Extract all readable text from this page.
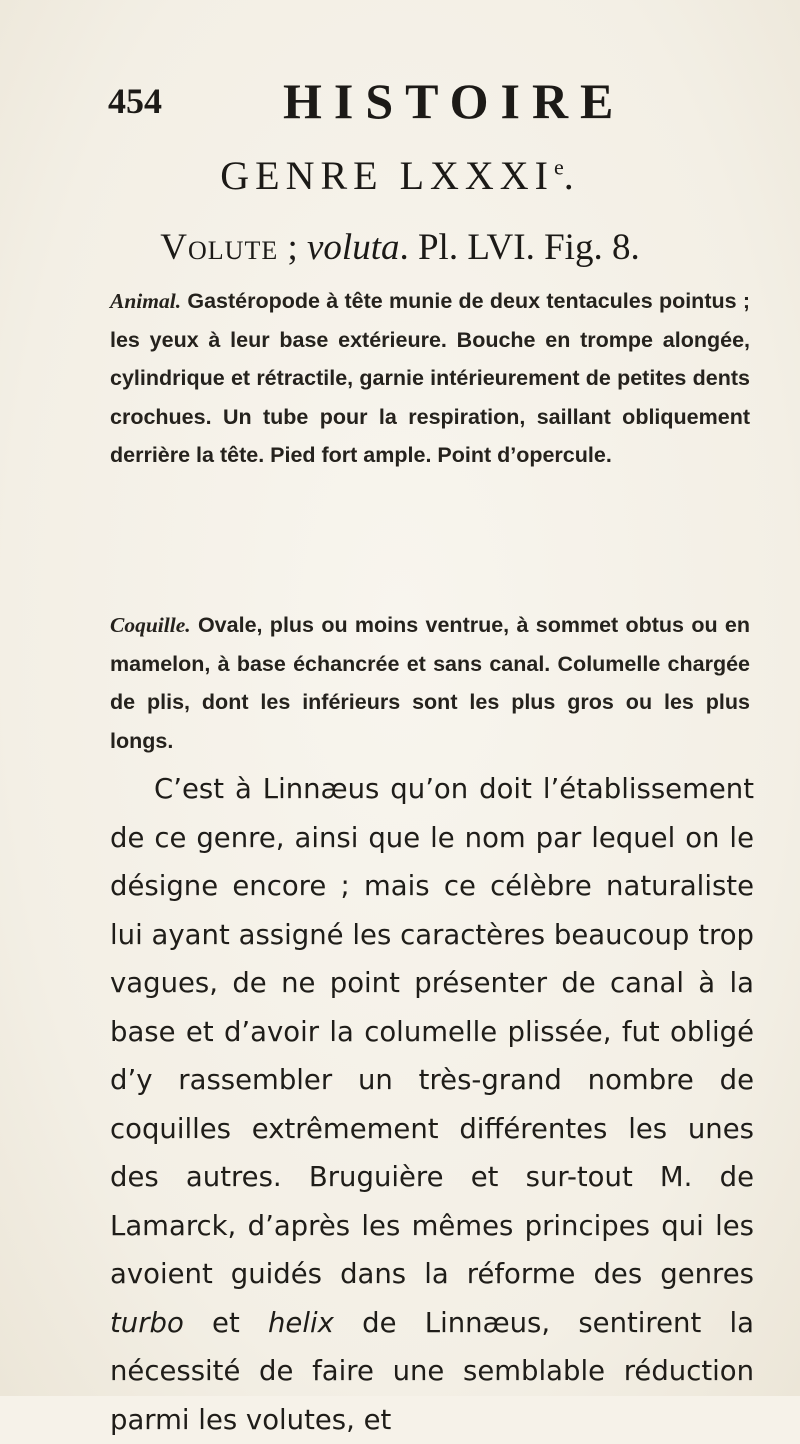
454 HISTOIRE
GENRE LXXXIe.
Volute ; voluta. Pl. LVI. Fig. 8.
Animal. Gastéropode à tête munie de deux tentacules pointus ; les yeux à leur base extérieure. Bouche en trompe alongée, cylindrique et rétractile, garnie intérieurement de petites dents crochues. Un tube pour la respiration, saillant obliquement derrière la tête. Pied fort ample. Point d’opercule.
Coquille. Ovale, plus ou moins ventrue, à sommet obtus ou en mamelon, à base échancrée et sans canal. Columelle chargée de plis, dont les inférieurs sont les plus gros ou les plus longs.

C’est à Linnæus qu’on doit l’établissement de ce genre, ainsi que le nom par lequel on le désigne encore ; mais ce célèbre naturaliste lui ayant assigné les caractères beaucoup trop vagues, de ne point présenter de canal à la base et d’avoir la columelle plissée, fut obligé d’y rassembler un très-grand nombre de coquilles extrêmement différentes les unes des autres. Bruguière et sur-tout M. de Lamarck, d’après les mêmes principes qui les avoient guidés dans la réforme des genres turbo et helix de Linnæus, sentirent la nécessité de faire une semblable réduction parmi les volutes, et
